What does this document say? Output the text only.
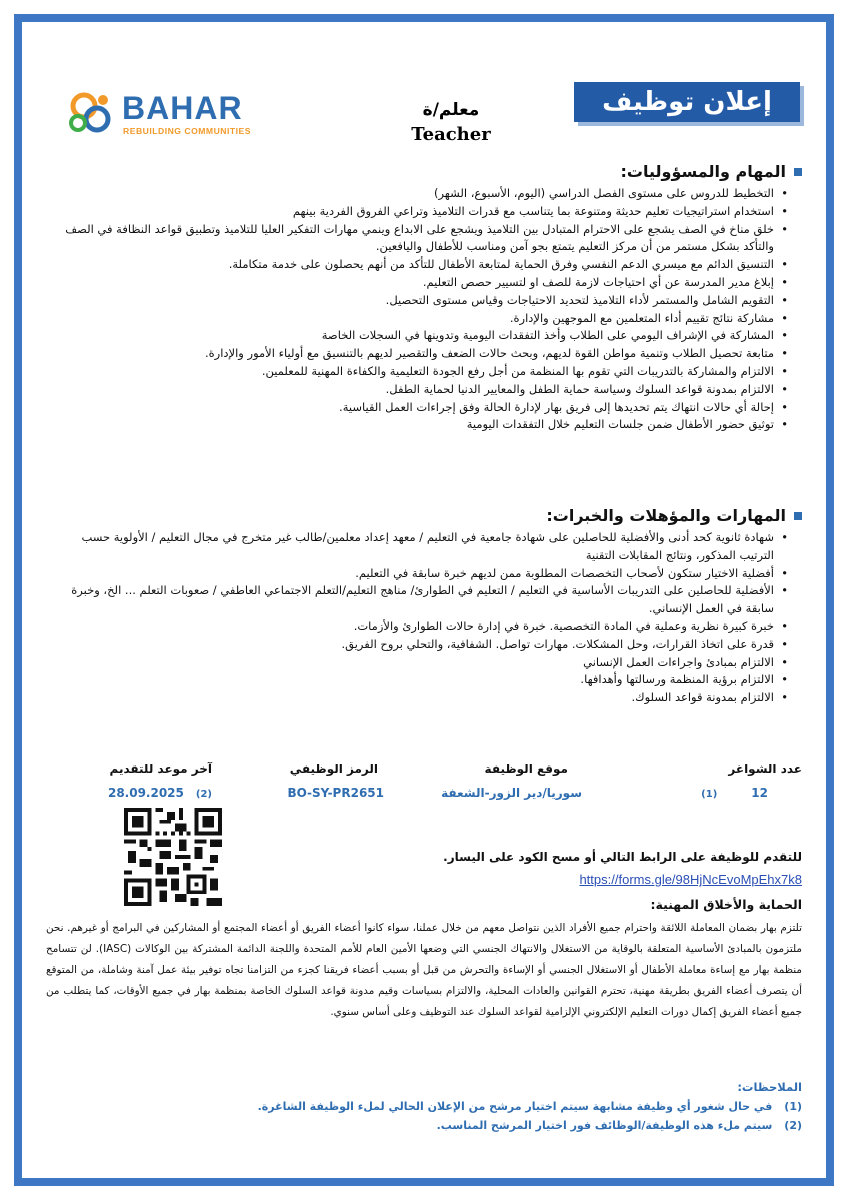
إعلان توظيف
معلم/ة
Teacher
BAHAR
REBUILDING COMMUNITIES
المهام والمسؤوليات:
• التخطيط للدروس على مستوى الفصل الدراسي (اليوم، الأسبوع، الشهر)
• استخدام استراتيجيات تعليم حديثة ومتنوعة بما يتناسب مع قدرات التلاميذ وتراعي الفروق الفردية بينهم
• خلق مناخ في الصف يشجع على الاحترام المتبادل بين التلاميذ ويشجع على الابداع وينمي مهارات التفكير العليا للتلاميذ وتطبيق قواعد النظافة في الصف والتأكد بشكل مستمر من أن مركز التعليم يتمتع بجو آمن ومناسب للأطفال واليافعين.
• التنسيق الدائم مع ميسري الدعم النفسي وفرق الحماية لمتابعة الأطفال للتأكد من أنهم يحصلون على خدمة متكاملة.
• إبلاغ مدير المدرسة عن أي احتياجات لازمة للصف او لتسيير حصص التعليم.
• التقويم الشامل والمستمر لأداء التلاميذ لتحديد الاحتياجات وقياس مستوى التحصيل.
• مشاركة نتائج تقييم أداء المتعلمين مع الموجهين والإدارة.
• المشاركة في الإشراف اليومي على الطلاب وأخذ التفقدات اليومية وتدوينها في السجلات الخاصة
• متابعة تحصيل الطلاب وتنمية مواطن القوة لديهم، وبحث حالات الضعف والتقصير لديهم بالتنسيق مع أولياء الأمور والإدارة.
• الالتزام والمشاركة بالتدريبات التي تقوم بها المنظمة من أجل رفع الجودة التعليمية والكفاءة المهنية للمعلمين.
• الالتزام بمدونة قواعد السلوك وسياسة حماية الطفل والمعايير الدنيا لحماية الطفل.
• إحالة أي حالات انتهاك يتم تحديدها إلى فريق بهار لإدارة الحالة وفق إجراءات العمل القياسية.
• توثيق حضور الأطفال ضمن جلسات التعليم خلال التفقدات اليومية
المهارات والمؤهلات والخبرات:
• شهادة ثانوية كحد أدنى والأفضلية للحاصلين على شهادة جامعية في التعليم / معهد إعداد معلمين/طالب غير متخرج في مجال التعليم / الأولوية حسب الترتيب المذكور، ونتائج المقابلات التقنية
• أفضلية الاختيار ستكون لأصحاب التخصصات المطلوبة ممن لديهم خبرة سابقة في التعليم.
• الأفضلية للحاصلين على التدريبات الأساسية في التعليم / التعليم في الطوارئ/ مناهج التعليم/التعلم الاجتماعي العاطفي / صعوبات التعلم ... الخ، وخبرة سابقة في العمل الإنساني.
• خبرة كبيرة نظرية وعملية في المادة التخصصية. خبرة في إدارة حالات الطوارئ والأزمات.
• قدرة على اتخاذ القرارات، وحل المشكلات. مهارات تواصل. الشفافية، والتحلي بروح الفريق.
• الالتزام بمبادئ واجراءات العمل الإنساني
• الالتزام برؤية المنظمة ورسالتها وأهدافها.
• الالتزام بمدونة قواعد السلوك.
عدد الشواغر
12(1)
موقع الوظيفة
سوريا/دير الزور-الشعفة
الرمز الوظيفي
BO-SY-PR2651
آخر موعد للتقديم
28.09.2025 (2)
للتقدم للوظيفة على الرابط التالي أو مسح الكود على اليسار.
https://forms.gle/98HjNcEvoMpEhx7k8
الحماية والأخلاق المهنية:
تلتزم بهار بضمان المعاملة اللائقة واحترام جميع الأفراد الذين نتواصل معهم من خلال عملنا، سواء كانوا أعضاء الفريق أو أعضاء المجتمع أو المشاركين في البرامج أو غيرهم. نحن ملتزمون بالمبادئ الأساسية المتعلقة بالوقاية من الاستغلال والانتهاك الجنسي التي وضعها الأمين العام للأمم المتحدة واللجنة الدائمة المشتركة بين الوكالات (IASC). لن تتسامح منظمة بهار مع إساءة معاملة الأطفال أو الاستغلال الجنسي أو الإساءة والتحرش من قبل أو بسبب أعضاء فريقنا كجزء من التزامنا تجاه توفير بيئة عمل آمنة وشاملة، من المتوقع أن يتصرف أعضاء الفريق بطريقة مهنية، تحترم القوانين والعادات المحلية، والالتزام بسياسات وقيم مدونة قواعد السلوك الخاصة بمنظمة بهار في جميع الأوقات، كما يتطلب من جميع أعضاء الفريق إكمال دورات التعليم الإلكتروني الإلزامية لقواعد السلوك عند التوظيف وعلى أساس سنوي.
الملاحظات:
(1)في حال شغور أي وظيفة مشابهة سيتم اختيار مرشح من الإعلان الحالي لملء الوظيفة الشاغرة.
(2)سيتم ملء هذه الوظيفة/الوظائف فور اختيار المرشح المناسب.
